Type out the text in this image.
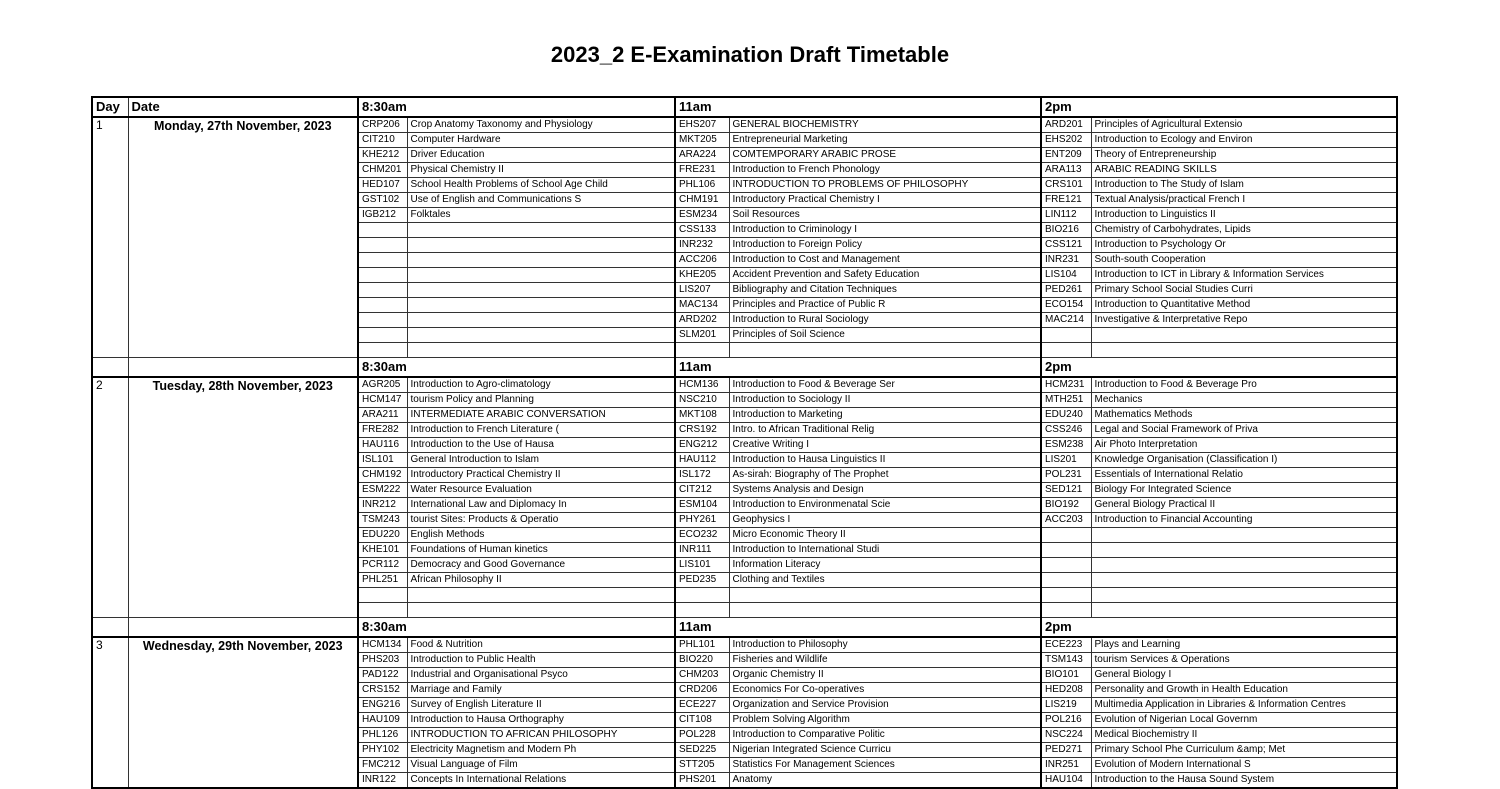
2023_2 E-Examination Draft Timetable
Day	Date	8:30am		11am		2pm	
1	Monday, 27th November, 2023	CRP206	Crop Anatomy Taxonomy and Physiology	EHS207	GENERAL BIOCHEMISTRY	ARD201	Principles of Agricultural Extensio
		CIT210	Computer Hardware	MKT205	Entrepreneurial Marketing	EHS202	Introduction to Ecology and Environ
		KHE212	Driver Education	ARA224	COMTEMPORARY ARABIC PROSE	ENT209	Theory of Entrepreneurship
		CHM201	Physical Chemistry II	FRE231	Introduction to French Phonology	ARA113	ARABIC READING SKILLS
		HED107	School Health Problems of School Age Child	PHL106	INTRODUCTION TO PROBLEMS OF PHILOSOPHY	CRS101	Introduction to The Study of Islam
		GST102	Use of English and Communications S	CHM191	Introductory Practical Chemistry I	FRE121	Textual Analysis/practical French I
		IGB212	Folktales	ESM234	Soil Resources	LIN112	Introduction to Linguistics II
				CSS133	Introduction to Criminology I	BIO216	Chemistry of Carbohydrates, Lipids
				INR232	Introduction to Foreign Policy	CSS121	Introduction to Psychology Or
				ACC206	Introduction to Cost and Management	INR231	South-south Cooperation
				KHE205	Accident Prevention and Safety Education	LIS104	Introduction to ICT in Library & Information Services
				LIS207	Bibliography and Citation Techniques	PED261	Primary School Social Studies Curri
				MAC134	Principles and Practice of Public R	ECO154	Introduction to Quantitative Method
				ARD202	Introduction to Rural Sociology	MAC214	Investigative & Interpretative Repo
				SLM201	Principles of Soil Science		

		8:30am		11am		2pm	
2	Tuesday, 28th November, 2023	AGR205	Introduction to Agro-climatology	HCM136	Introduction to Food & Beverage Ser	HCM231	Introduction to Food & Beverage Pro
		HCM147	tourism Policy and Planning	NSC210	Introduction to Sociology II	MTH251	Mechanics
		ARA211	INTERMEDIATE ARABIC CONVERSATION	MKT108	Introduction to Marketing	EDU240	Mathematics Methods
		FRE282	Introduction to French Literature (	CRS192	Intro. to African Traditional Relig	CSS246	Legal and Social Framework of Priva
		HAU116	Introduction to the Use of Hausa	ENG212	Creative Writing I	ESM238	Air Photo Interpretation
		ISL101	General Introduction to Islam	HAU112	Introduction to Hausa Linguistics II	LIS201	Knowledge Organisation (Classification I)
		CHM192	Introductory Practical Chemistry II	ISL172	As-sirah: Biography of The Prophet	POL231	Essentials of International Relatio
		ESM222	Water Resource Evaluation	CIT212	Systems Analysis and Design	SED121	Biology For Integrated Science
		INR212	International Law and Diplomacy In	ESM104	Introduction to Environmenatal Scie	BIO192	General Biology Practical II
		TSM243	tourist Sites: Products & Operatio	PHY261	Geophysics I	ACC203	Introduction to Financial Accounting
		EDU220	English Methods	ECO232	Micro Economic Theory II		
		KHE101	Foundations of Human kinetics	INR111	Introduction to International Studi		
		PCR112	Democracy and Good Governance	LIS101	Information Literacy		
		PHL251	African Philosophy II	PED235	Clothing and Textiles		

		8:30am		11am		2pm	
3	Wednesday, 29th November, 2023	HCM134	Food & Nutrition	PHL101	Introduction to Philosophy	ECE223	Plays and Learning
		PHS203	Introduction to Public Health	BIO220	Fisheries and Wildlife	TSM143	tourism Services & Operations
		PAD122	Industrial and Organisational Psyco	CHM203	Organic Chemistry II	BIO101	General Biology I
		CRS152	Marriage and Family	CRD206	Economics For Co-operatives	HED208	Personality and Growth in Health Education
		ENG216	Survey of English Literature II	ECE227	Organization and Service Provision	LIS219	Multimedia Application in Libraries & Information Centres
		HAU109	Introduction to Hausa Orthography	CIT108	Problem Solving Algorithm	POL216	Evolution of Nigerian Local Governm
		PHL126	INTRODUCTION TO AFRICAN PHILOSOPHY	POL228	Introduction to Comparative Politic	NSC224	Medical Biochemistry II
		PHY102	Electricity Magnetism and Modern Ph	SED225	Nigerian Integrated Science Curricu	PED271	Primary School Phe Curriculum &amp; Met
		FMC212	Visual Language of Film	STT205	Statistics For Management Sciences	INR251	Evolution of Modern International S
		INR122	Concepts In International Relations	PHS201	Anatomy	HAU104	Introduction to the Hausa Sound System
